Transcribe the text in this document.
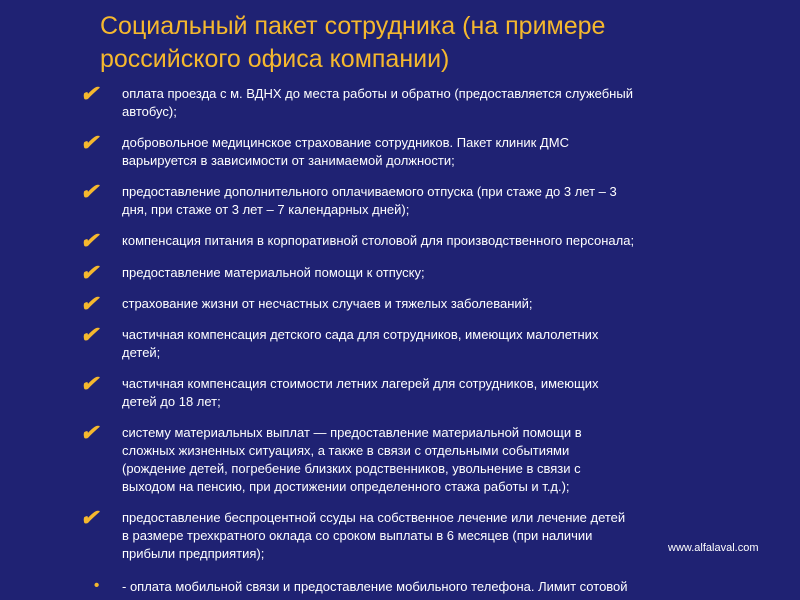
Социальный пакет сотрудника (на примере
российского офиса компании)
✔	оплата проезда с м. ВДНХ до места работы и обратно (предоставляется служебный
автобус);
✔	добровольное медицинское страхование сотрудников. Пакет клиник ДМС
варьируется в зависимости от занимаемой должности;
✔	предоставление дополнительного оплачиваемого отпуска (при стаже до 3 лет – 3
дня, при стаже от 3 лет – 7 календарных дней);
✔	компенсация питания в корпоративной столовой для производственного персонала;
✔	предоставление материальной помощи к отпуску;
✔	страхование жизни от несчастных случаев и тяжелых заболеваний;
✔	частичная компенсация детского сада для сотрудников, имеющих малолетних
детей;
✔	частичная компенсация стоимости летних лагерей для сотрудников, имеющих
детей до 18 лет;
✔	систему материальных выплат — предоставление материальной помощи в
сложных жизненных ситуациях, а также в связи с отдельными событиями
(рождение детей, погребение близких родственников, увольнение в связи с
выходом на пенсию, при достижении определенного стажа работы и т.д.);
✔	предоставление беспроцентной ссуды на собственное лечение или лечение детей
в размере трехкратного оклада со сроком выплаты в 6 месяцев (при наличии
прибыли предприятия);
•	- оплата мобильной связи и предоставление мобильного телефона. Лимит сотовой
www.alfalaval.com
